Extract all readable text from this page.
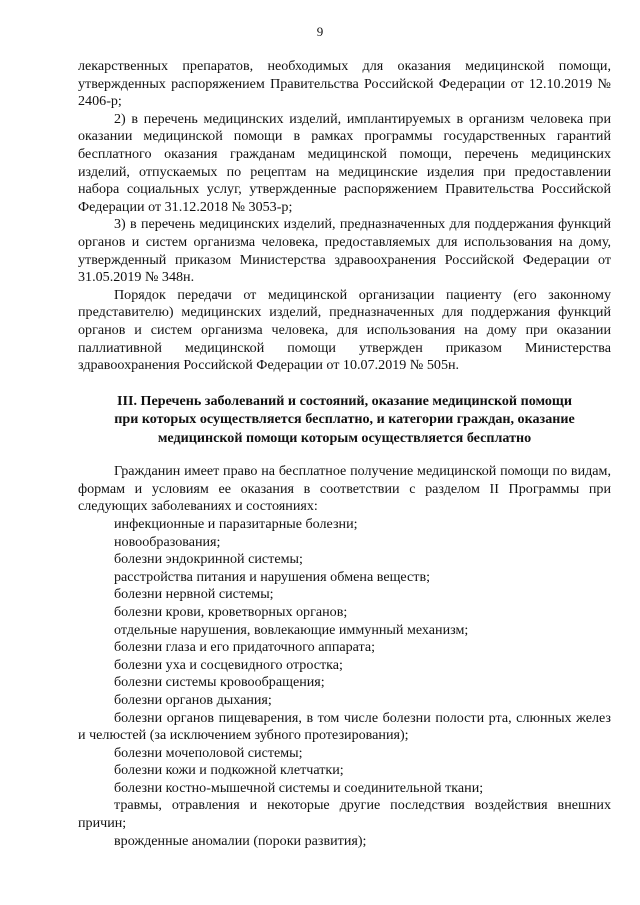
9

лекарственных препаратов, необходимых для оказания медицинской помощи, утвержденных распоряжением Правительства Российской Федерации от 12.10.2019 № 2406-р;

2) в перечень медицинских изделий, имплантируемых в организм человека при оказании медицинской помощи в рамках программы государственных гарантий бесплатного оказания гражданам медицинской помощи, перечень медицинских изделий, отпускаемых по рецептам на медицинские изделия при предоставлении набора социальных услуг, утвержденные распоряжением Правительства Российской Федерации от 31.12.2018 № 3053-р;

3) в перечень медицинских изделий, предназначенных для поддержания функций органов и систем организма человека, предоставляемых для использования на дому, утвержденный приказом Министерства здравоохранения Российской Федерации от 31.05.2019 № 348н.

Порядок передачи от медицинской организации пациенту (его законному представителю) медицинских изделий, предназначенных для поддержания функций органов и систем организма человека, для использования на дому при оказании паллиативной медицинской помощи утвержден приказом Министерства здравоохранения Российской Федерации от 10.07.2019 № 505н.

III. Перечень заболеваний и состояний, оказание медицинской помощи
при которых осуществляется бесплатно, и категории граждан, оказание
медицинской помощи которым осуществляется бесплатно

Гражданин имеет право на бесплатное получение медицинской помощи по видам, формам и условиям ее оказания в соответствии с разделом II Программы при следующих заболеваниях и состояниях:

инфекционные и паразитарные болезни;

новообразования;

болезни эндокринной системы;

расстройства питания и нарушения обмена веществ;

болезни нервной системы;

болезни крови, кроветворных органов;

отдельные нарушения, вовлекающие иммунный механизм;

болезни глаза и его придаточного аппарата;

болезни уха и сосцевидного отростка;

болезни системы кровообращения;

болезни органов дыхания;

болезни органов пищеварения, в том числе болезни полости рта, слюнных желез и челюстей (за исключением зубного протезирования);

болезни мочеполовой системы;

болезни кожи и подкожной клетчатки;

болезни костно-мышечной системы и соединительной ткани;

травмы, отравления и некоторые другие последствия воздействия внешних причин;

врожденные аномалии (пороки развития);
